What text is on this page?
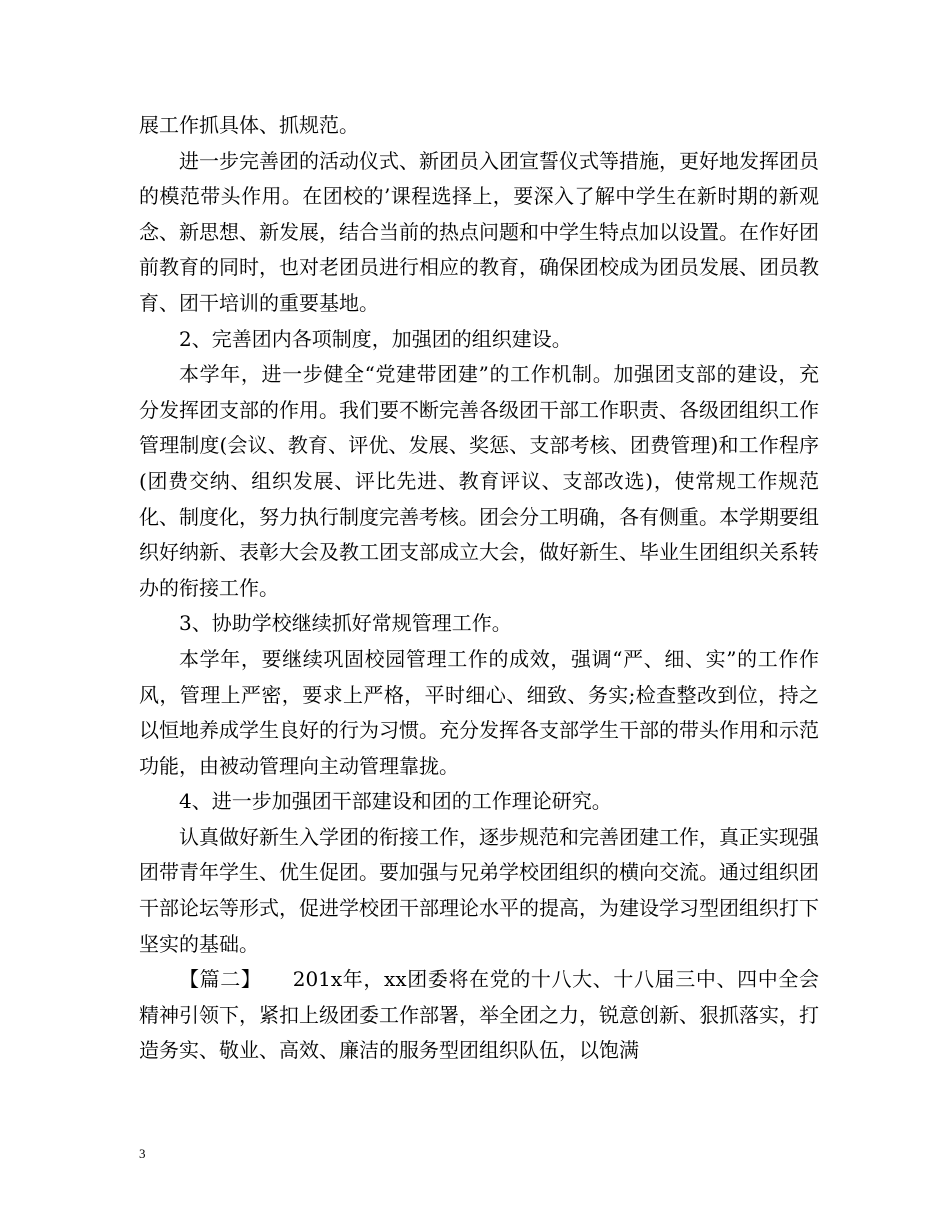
展工作抓具体、抓规范。

进一步完善团的活动仪式、新团员入团宣誓仪式等措施，更好地发挥团员的模范带头作用。在团校的’课程选择上，要深入了解中学生在新时期的新观念、新思想、新发展，结合当前的热点问题和中学生特点加以设置。在作好团前教育的同时，也对老团员进行相应的教育，确保团校成为团员发展、团员教育、团干培训的重要基地。

2、完善团内各项制度，加强团的组织建设。

本学年，进一步健全“党建带团建”的工作机制。加强团支部的建设，充分发挥团支部的作用。我们要不断完善各级团干部工作职责、各级团组织工作管理制度(会议、教育、评优、发展、奖惩、支部考核、团费管理)和工作程序(团费交纳、组织发展、评比先进、教育评议、支部改选)，使常规工作规范化、制度化，努力执行制度完善考核。团会分工明确，各有侧重。本学期要组织好纳新、表彰大会及教工团支部成立大会，做好新生、毕业生团组织关系转办的衔接工作。

3、协助学校继续抓好常规管理工作。

本学年，要继续巩固校园管理工作的成效，强调“严、细、实”的工作作风，管理上严密，要求上严格，平时细心、细致、务实;检查整改到位，持之以恒地养成学生良好的行为习惯。充分发挥各支部学生干部的带头作用和示范功能，由被动管理向主动管理靠拢。

4、进一步加强团干部建设和团的工作理论研究。

认真做好新生入学团的衔接工作，逐步规范和完善团建工作，真正实现强团带青年学生、优生促团。要加强与兄弟学校团组织的横向交流。通过组织团干部论坛等形式，促进学校团干部理论水平的提高，为建设学习型团组织打下坚实的基础。

【篇二】　　201x年，xx团委将在党的十八大、十八届三中、四中全会精神引领下，紧扣上级团委工作部署，举全团之力，锐意创新、狠抓落实，打造务实、敬业、高效、廉洁的服务型团组织队伍，以饱满

3
